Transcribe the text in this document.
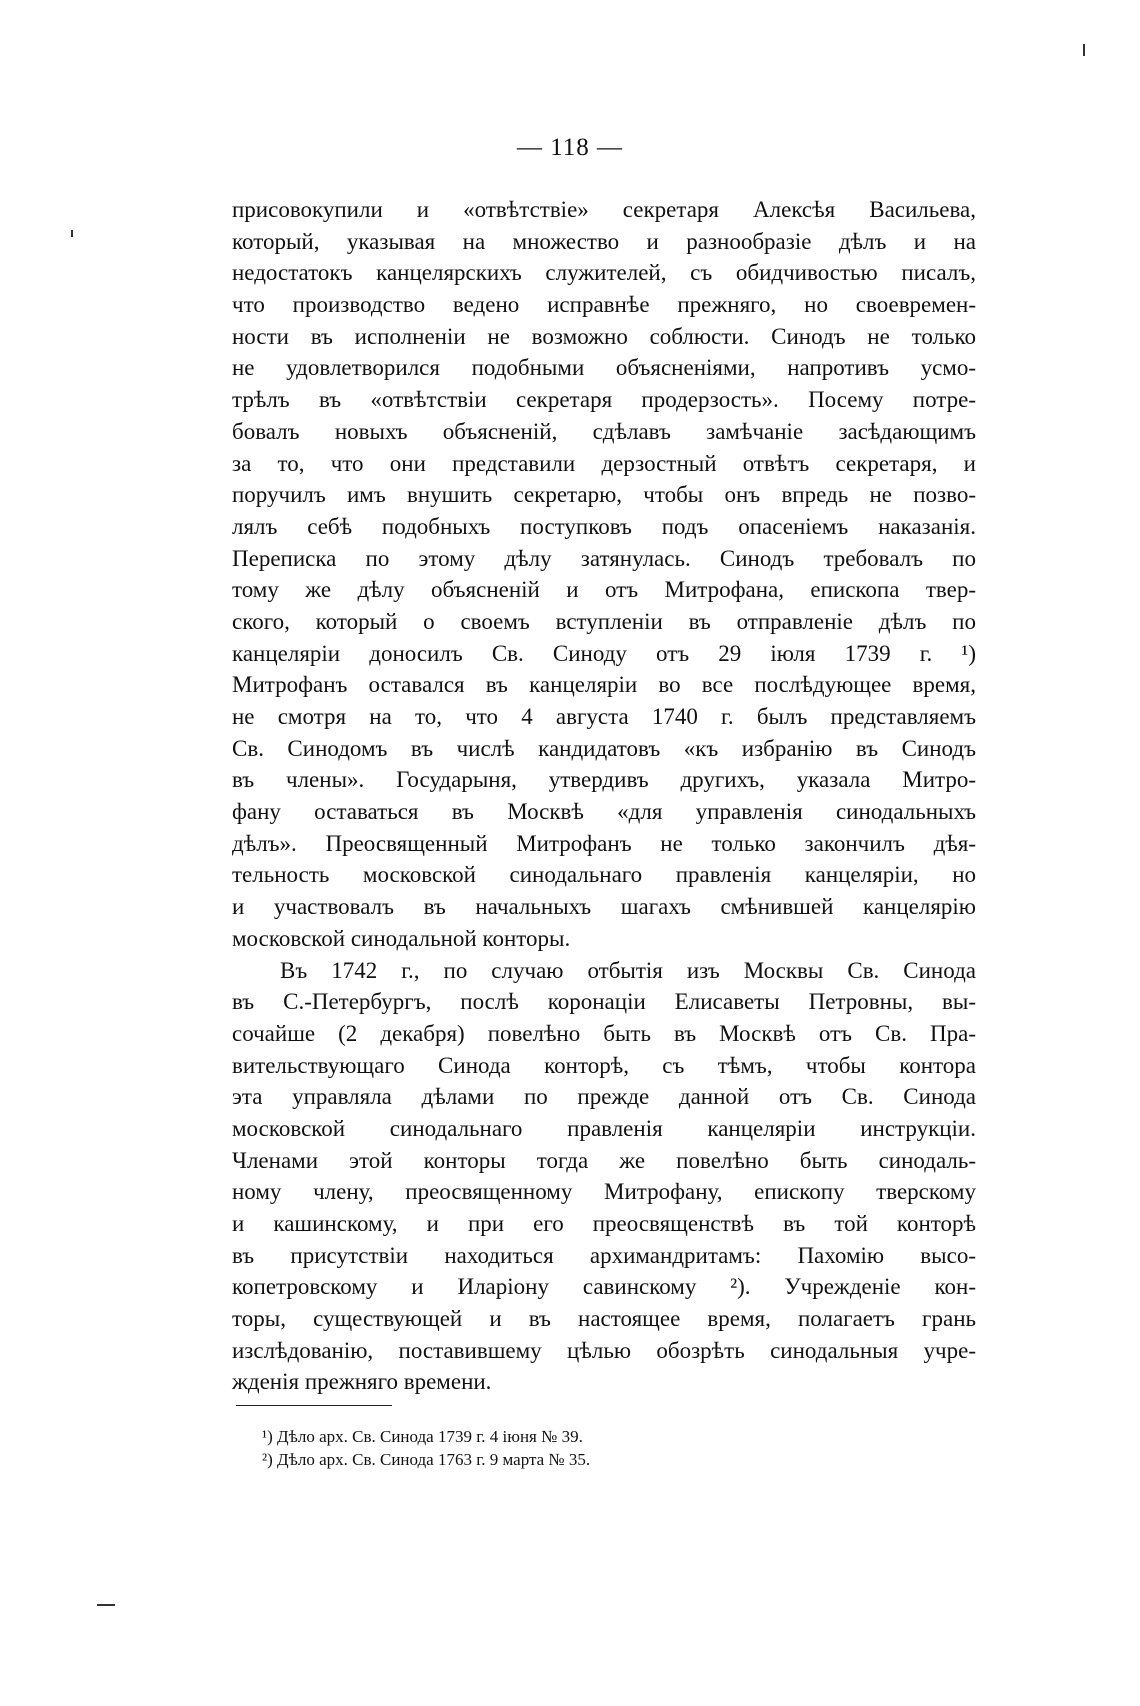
— 118 —
присовокупили и «отвѣтствіе» секретаря Алексѣя Васильева,
который, указывая на множество и разнообразіе дѣлъ и на
недостатокъ канцелярскихъ служителей, съ обидчивостью писалъ,
что производство ведено исправнѣе прежняго, но своевремен-
ности въ исполненіи не возможно соблюсти. Синодъ не только
не удовлетворился подобными объясненіями, напротивъ усмо-
трѣлъ въ «отвѣтствіи секретаря продерзость». Посему потре-
бовалъ новыхъ объясненій, сдѣлавъ замѣчаніе засѣдающимъ
за то, что они представили дерзостный отвѣтъ секретаря, и
поручилъ имъ внушить секретарю, чтобы онъ впредь не позво-
лялъ себѣ подобныхъ поступковъ подъ опасеніемъ наказанія.
Переписка по этому дѣлу затянулась. Синодъ требовалъ по
тому же дѣлу объясненій и отъ Митрофана, епископа твер-
ского, который о своемъ вступленіи въ отправленіе дѣлъ по
канцеляріи доносилъ Св. Синоду отъ 29 іюля 1739 г. ¹)
Митрофанъ оставался въ канцеляріи во все послѣдующее время,
не смотря на то, что 4 августа 1740 г. былъ представляемъ
Св. Синодомъ въ числѣ кандидатовъ «къ избранію въ Синодъ
въ члены». Государыня, утвердивъ другихъ, указала Митро-
фану оставаться въ Москвѣ «для управленія синодальныхъ
дѣлъ». Преосвященный Митрофанъ не только закончилъ дѣя-
тельность московской синодальнаго правленія канцеляріи, но
и участвовалъ въ начальныхъ шагахъ смѣнившей канцелярію
московской синодальной конторы.
Въ 1742 г., по случаю отбытія изъ Москвы Св. Синода
въ С.-Петербургъ, послѣ коронаціи Елисаветы Петровны, вы-
сочайше (2 декабря) повелѣно быть въ Москвѣ отъ Св. Пра-
вительствующаго Синода конторѣ, съ тѣмъ, чтобы контора
эта управляла дѣлами по прежде данной отъ Св. Синода
московской синодальнаго правленія канцеляріи инструкціи.
Членами этой конторы тогда же повелѣно быть синодаль-
ному члену, преосвященному Митрофану, епископу тверскому
и кашинскому, и при его преосвященствѣ въ той конторѣ
въ присутствіи находиться архимандритамъ: Пахомію высо-
копетровскому и Иларіону савинскому ²). Учрежденіе кон-
торы, существующей и въ настоящее время, полагаетъ грань
изслѣдованію, поставившему цѣлью обозрѣть синодальныя учре-
жденія прежняго времени.
¹) Дѣло арх. Св. Синода 1739 г. 4 іюня № 39.
²) Дѣло арх. Св. Синода 1763 г. 9 марта № 35.
